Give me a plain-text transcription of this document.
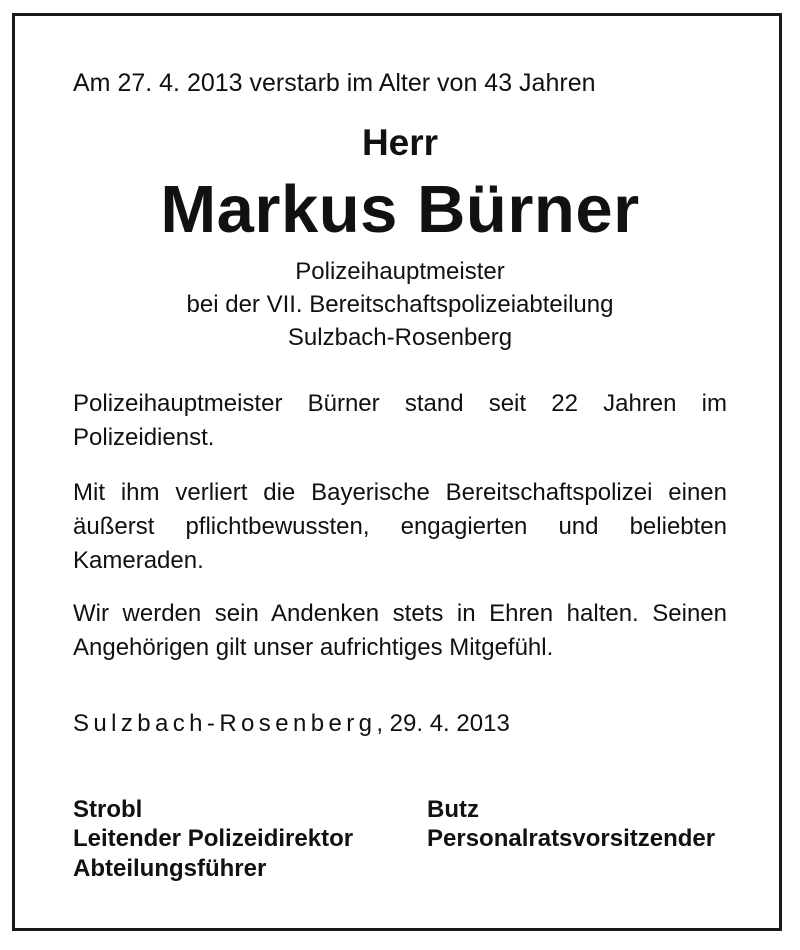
Am 27. 4. 2013 verstarb im Alter von 43 Jahren
Herr
Markus Bürner
Polizeihauptmeister
bei der VII. Bereitschaftspolizeiabteilung
Sulzbach-Rosenberg
Polizeihauptmeister Bürner stand seit 22 Jahren im Polizeidienst.
Mit ihm verliert die Bayerische Bereitschaftspolizei einen äußerst pflichtbewussten, engagierten und beliebten Kameraden.
Wir werden sein Andenken stets in Ehren halten. Seinen Angehörigen gilt unser aufrichtiges Mitgefühl.
Sulzbach-Rosenberg, 29. 4. 2013
Strobl
Leitender Polizeidirektor
Abteilungsführer
Butz
Personalratsvorsitzender
